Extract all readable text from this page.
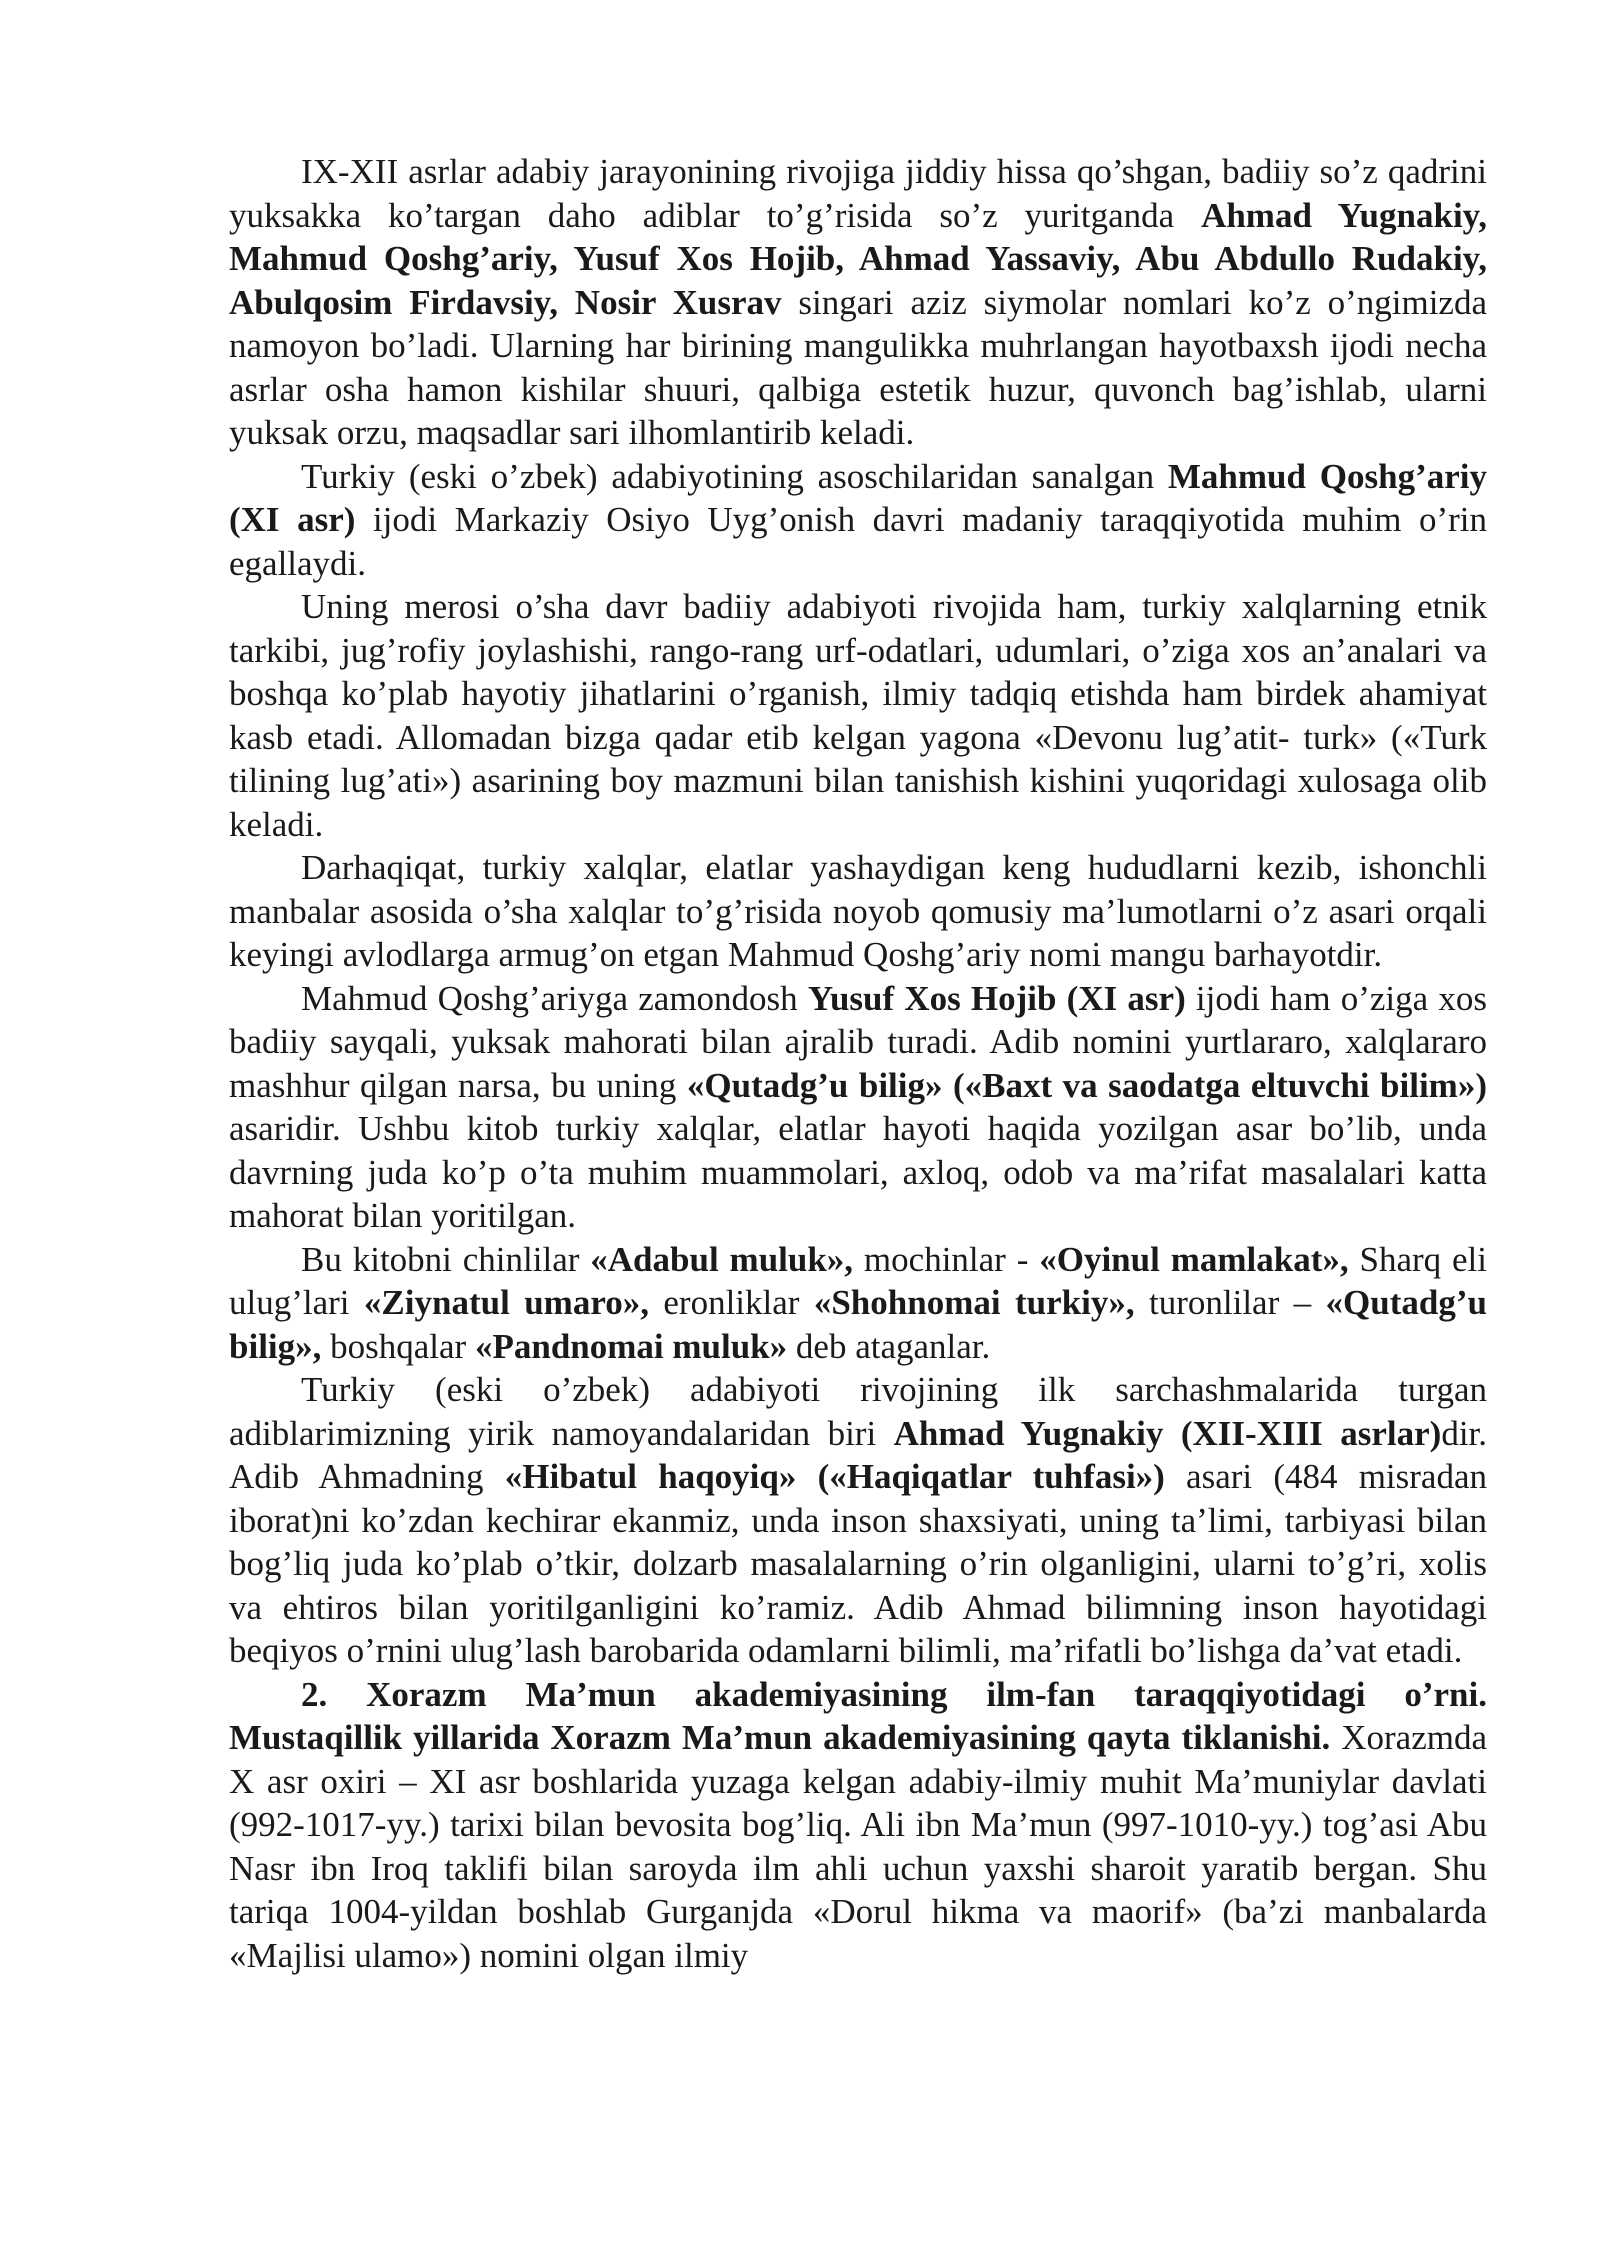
IX-XII asrlar adabiy jarayonining rivojiga jiddiy hissa qo’shgan, badiiy so’z qadrini yuksakka ko’targan daho adiblar to’g’risida so’z yuritganda Ahmad Yugnakiy, Mahmud Qoshg’ariy, Yusuf Xos Hojib, Ahmad Yassaviy, Abu Abdullo Rudakiy, Abulqosim Firdavsiy, Nosir Xusrav singari aziz siymolar nomlari ko’z o’ngimizda namoyon bo’ladi. Ularning har birining mangulikka muhrlangan hayotbaxsh ijodi necha asrlar osha hamon kishilar shuuri, qalbiga estetik huzur, quvonch bag’ishlab, ularni yuksak orzu, maqsadlar sari ilhomlantirib keladi.

Turkiy (eski o’zbek) adabiyotining asoschilaridan sanalgan Mahmud Qoshg’ariy (XI asr) ijodi Markaziy Osiyo Uyg’onish davri madaniy taraqqiyotida muhim o’rin egallaydi.

Uning merosi o’sha davr badiiy adabiyoti rivojida ham, turkiy xalqlarning etnik tarkibi, jug’rofiy joylashishi, rango-rang urf-odatlari, udumlari, o’ziga xos an’analari va boshqa ko’plab hayotiy jihatlarini o’rganish, ilmiy tadqiq etishda ham birdek ahamiyat kasb etadi. Allomadan bizga qadar etib kelgan yagona «Devonu lug’atit- turk» («Turk tilining lug’ati») asarining boy mazmuni bilan tanishish kishini yuqoridagi xulosaga olib keladi.

Darhaqiqat, turkiy xalqlar, elatlar yashaydigan keng hududlarni kezib, ishonchli manbalar asosida o’sha xalqlar to’g’risida noyob qomusiy ma’lumotlarni o’z asari orqali keyingi avlodlarga armug’on etgan Mahmud Qoshg’ariy nomi mangu barhayotdir.

Mahmud Qoshg’ariyga zamondosh Yusuf Xos Hojib (XI asr) ijodi ham o’ziga xos badiiy sayqali, yuksak mahorati bilan ajralib turadi. Adib nomini yurtlararo, xalqlararo mashhur qilgan narsa, bu uning «Qutadg’u bilig» («Baxt va saodatga eltuvchi bilim») asaridir. Ushbu kitob turkiy xalqlar, elatlar hayoti haqida yozilgan asar bo’lib, unda davrning juda ko’p o’ta muhim muammolari, axloq, odob va ma’rifat masalalari katta mahorat bilan yoritilgan.

Bu kitobni chinlilar «Adabul muluk», mochinlar - «Oyinul mamlakat», Sharq eli ulug’lari «Ziynatul umaro», eronliklar «Shohnomai turkiy», turonlilar – «Qutadg’u bilig», boshqalar «Pandnomai muluk» deb ataganlar.

Turkiy (eski o’zbek) adabiyoti rivojining ilk sarchashmalarida turgan adiblarimizning yirik namoyandalaridan biri Ahmad Yugnakiy (XII-XIII asrlar)dir. Adib Ahmadning «Hibatul haqoyiq» («Haqiqatlar tuhfasi») asari (484 misradan iborat)ni ko’zdan kechirar ekanmiz, unda inson shaxsiyati, uning ta’limi, tarbiyasi bilan bog’liq juda ko’plab o’tkir, dolzarb masalalarning o’rin olganligini, ularni to’g’ri, xolis va ehtiros bilan yoritilganligini ko’ramiz. Adib Ahmad bilimning inson hayotidagi beqiyos o’rnini ulug’lash barobarida odamlarni bilimli, ma’rifatli bo’lishga da’vat etadi.

2. Xorazm Ma’mun akademiyasining ilm-fan taraqqiyotidagi o’rni. Mustaqillik yillarida Xorazm Ma’mun akademiyasining qayta tiklanishi. Xorazmda X asr oxiri – XI asr boshlarida yuzaga kelgan adabiy-ilmiy muhit Ma’muniylar davlati (992-1017-yy.) tarixi bilan bevosita bog’liq. Ali ibn Ma’mun (997-1010-yy.) tog’asi Abu Nasr ibn Iroq taklifi bilan saroyda ilm ahli uchun yaxshi sharoit yaratib bergan. Shu tariqa 1004-yildan boshlab Gurganjda «Dorul hikma va maorif» (ba’zi manbalarda «Majlisi ulamo») nomini olgan ilmiy
